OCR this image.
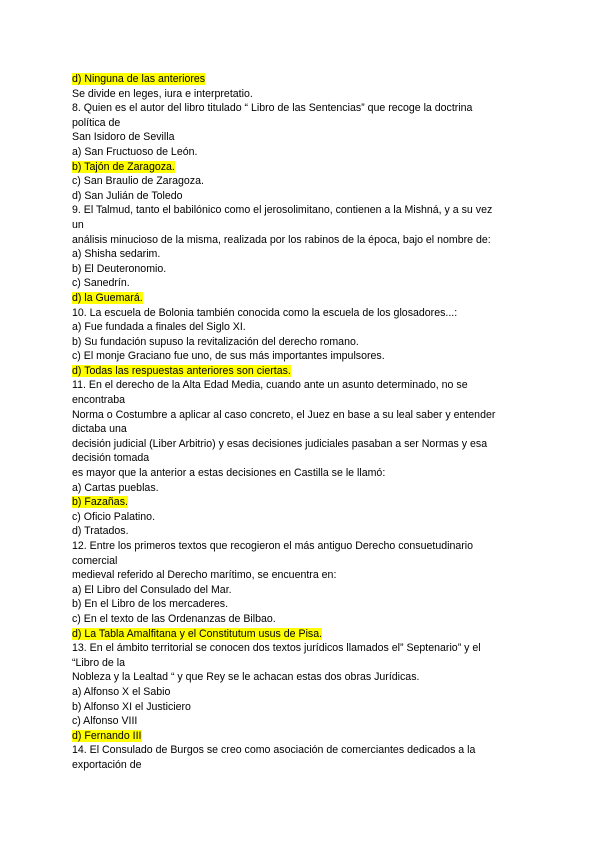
d) Ninguna de las anteriores
Se divide en leges, iura e interpretatio.
8. Quien es el autor del libro titulado “ Libro de las Sentencias” que recoge la doctrina
política de
San Isidoro de Sevilla
a) San Fructuoso de León.
b) Tajón de Zaragoza.
c) San Braulio de Zaragoza.
d) San Julián de Toledo
9. El Talmud, tanto el babilónico como el jerosolimitano, contienen a la Mishná, y a su vez
un
análisis minucioso de la misma, realizada por los rabinos de la época, bajo el nombre de:
a) Shisha sedarim.
b) El Deuteronomio.
c) Sanedrín.
d) la Guemará.
10. La escuela de Bolonia también conocida como la escuela de los glosadores...:
a) Fue fundada a finales del Siglo XI.
b) Su fundación supuso la revitalización del derecho romano.
c) El monje Graciano fue uno, de sus más importantes impulsores.
d) Todas las respuestas anteriores son ciertas.
11. En el derecho de la Alta Edad Media, cuando ante un asunto determinado, no se
encontraba
Norma o Costumbre a aplicar al caso concreto, el Juez en base a su leal saber y entender
dictaba una
decisión judicial (Liber Arbitrio) y esas decisiones judiciales pasaban a ser Normas y esa
decisión tomada
es mayor que la anterior a estas decisiones en Castilla se le llamó:
a) Cartas pueblas.
b) Fazañas.
c) Oficio Palatino.
d) Tratados.
12. Entre los primeros textos que recogieron el más antiguo Derecho consuetudinario
comercial
medieval referido al Derecho marítimo, se encuentra en:
a) El Libro del Consulado del Mar.
b) En el Libro de los mercaderes.
c) En el texto de las Ordenanzas de Bilbao.
d) La Tabla Amalfitana y el Constitutum usus de Pisa.
13. En el ámbito territorial se conocen dos textos jurídicos llamados el” Septenario” y el
“Libro de la
Nobleza y la Lealtad “ y que Rey se le achacan estas dos obras Jurídicas.
a) Alfonso X el Sabio
b) Alfonso XI el Justiciero
c) Alfonso VIII
d) Fernando III
14. El Consulado de Burgos se creo como asociación de comerciantes dedicados a la
exportación de
